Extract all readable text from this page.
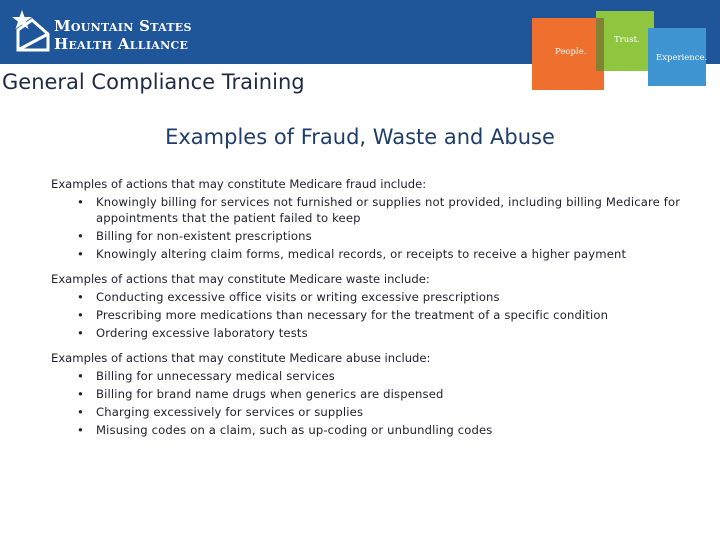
Mountain States
Health Alliance	People.
Trust.
Experience.
General Compliance Training
Examples of Fraud, Waste and Abuse
Examples of actions that may constitute Medicare fraud include:
• Knowingly billing for services not furnished or supplies not provided, including billing Medicare for appointments that the patient failed to keep
• Billing for non-existent prescriptions
• Knowingly altering claim forms, medical records, or receipts to receive a higher payment
Examples of actions that may constitute Medicare waste include:
• Conducting excessive office visits or writing excessive prescriptions
• Prescribing more medications than necessary for the treatment of a specific condition
• Ordering excessive laboratory tests
Examples of actions that may constitute Medicare abuse include:
• Billing for unnecessary medical services
• Billing for brand name drugs when generics are dispensed
• Charging excessively for services or supplies
• Misusing codes on a claim, such as up-coding or unbundling codes
